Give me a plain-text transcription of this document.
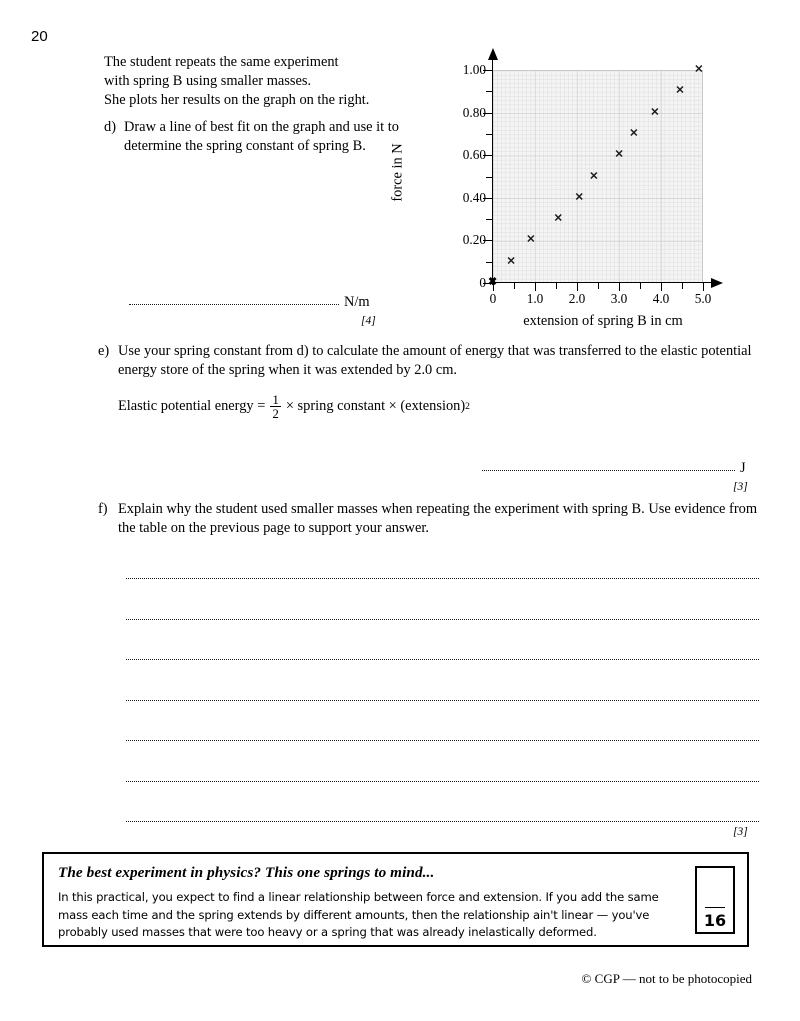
20
The student repeats the same experiment
with spring B using smaller masses.
She plots her results on the graph on the right.
d) Draw a line of best fit on the graph and use it to determine the spring constant of spring B.
N/m
[4]
✖
0
0.20
0.40
0.60
0.80
1.00
0 1.0 2.0 3.0 4.0 5.0
✕
✕
✕
✕
✕
✕
✕
✕
✕
✕
force in N
extension of spring B in cm
e) Use your spring constant from d) to calculate the amount of energy that was transferred to the elastic potential energy store of the spring when it was extended by 2.0 cm.
Elastic potential energy = $\frac{1}{2}$ × spring constant × (extension) 2
J
[3]
f) Explain why the student used smaller masses when repeating the experiment with spring B. Use evidence from the table on the previous page to support your answer.
[3]
The best experiment in physics? This one springs to mind...
In this practical, you expect to find a linear relationship between force and extension. If you add the same mass each time and the spring extends by different amounts, then the relationship ain't linear — you've probably used masses that were too heavy or a spring that was already inelastically deformed.
16
© CGP — not to be photocopied
